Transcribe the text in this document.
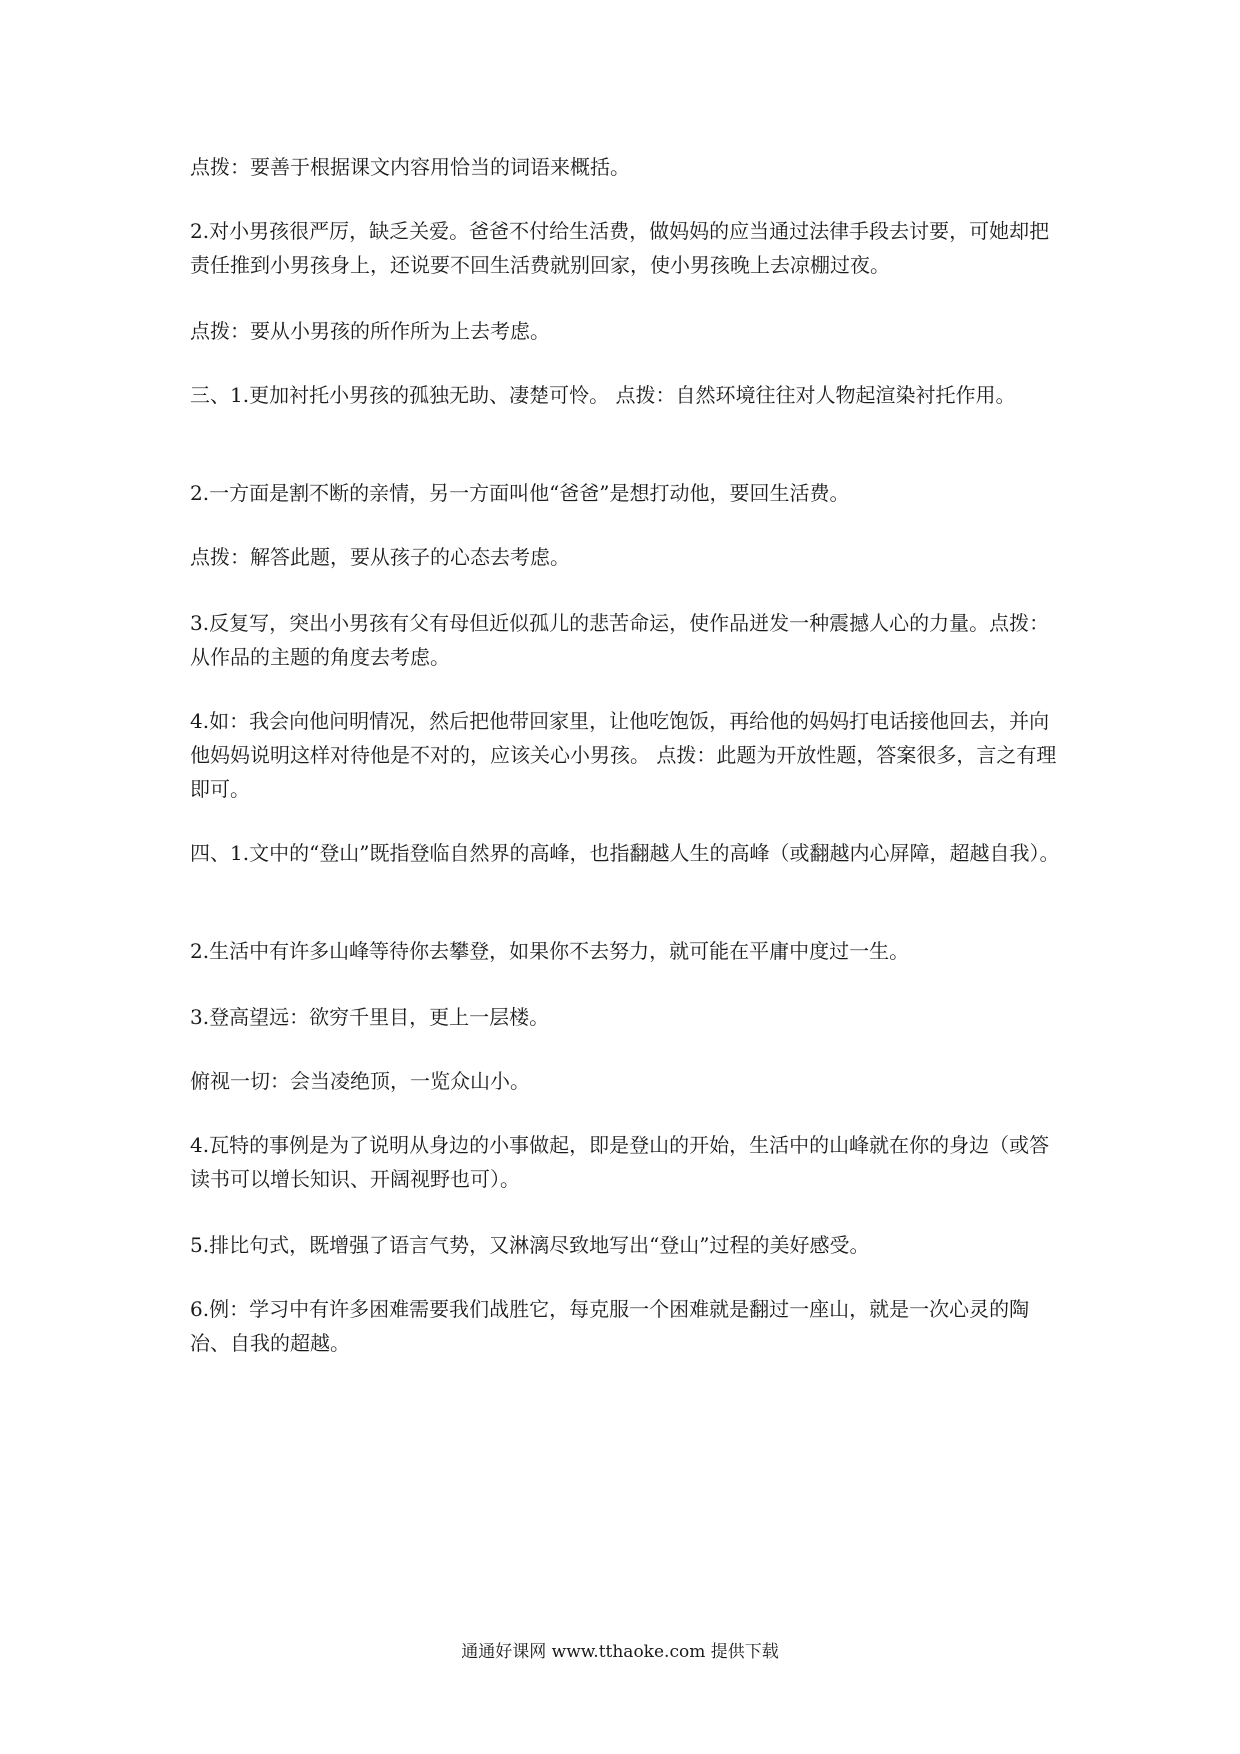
点拨：要善于根据课文内容用恰当的词语来概括。

2.对小男孩很严厉，缺乏关爱。爸爸不付给生活费，做妈妈的应当通过法律手段去讨要，可她却把责任推到小男孩身上，还说要不回生活费就别回家，使小男孩晚上去凉棚过夜。

点拨：要从小男孩的所作所为上去考虑。

三、1.更加衬托小男孩的孤独无助、凄楚可怜。 点拨：自然环境往往对人物起渲染衬托作用。

2.一方面是割不断的亲情，另一方面叫他“爸爸”是想打动他，要回生活费。

点拨：解答此题，要从孩子的心态去考虑。

3.反复写，突出小男孩有父有母但近似孤儿的悲苦命运，使作品迸发一种震撼人心的力量。点拨：从作品的主题的角度去考虑。

4.如：我会向他问明情况，然后把他带回家里，让他吃饱饭，再给他的妈妈打电话接他回去，并向他妈妈说明这样对待他是不对的，应该关心小男孩。 点拨：此题为开放性题，答案很多，言之有理即可。

四、1.文中的“登山”既指登临自然界的高峰，也指翻越人生的高峰（或翻越内心屏障，超越自我）。

2.生活中有许多山峰等待你去攀登，如果你不去努力，就可能在平庸中度过一生。

3.登高望远：欲穷千里目，更上一层楼。

俯视一切：会当凌绝顶，一览众山小。

4.瓦特的事例是为了说明从身边的小事做起，即是登山的开始，生活中的山峰就在你的身边（或答读书可以增长知识、开阔视野也可）。

5.排比句式，既增强了语言气势，又淋漓尽致地写出“登山”过程的美好感受。

6.例：学习中有许多困难需要我们战胜它，每克服一个困难就是翻过一座山，就是一次心灵的陶冶、自我的超越。

通通好课网 www.tthaoke.com 提供下载
